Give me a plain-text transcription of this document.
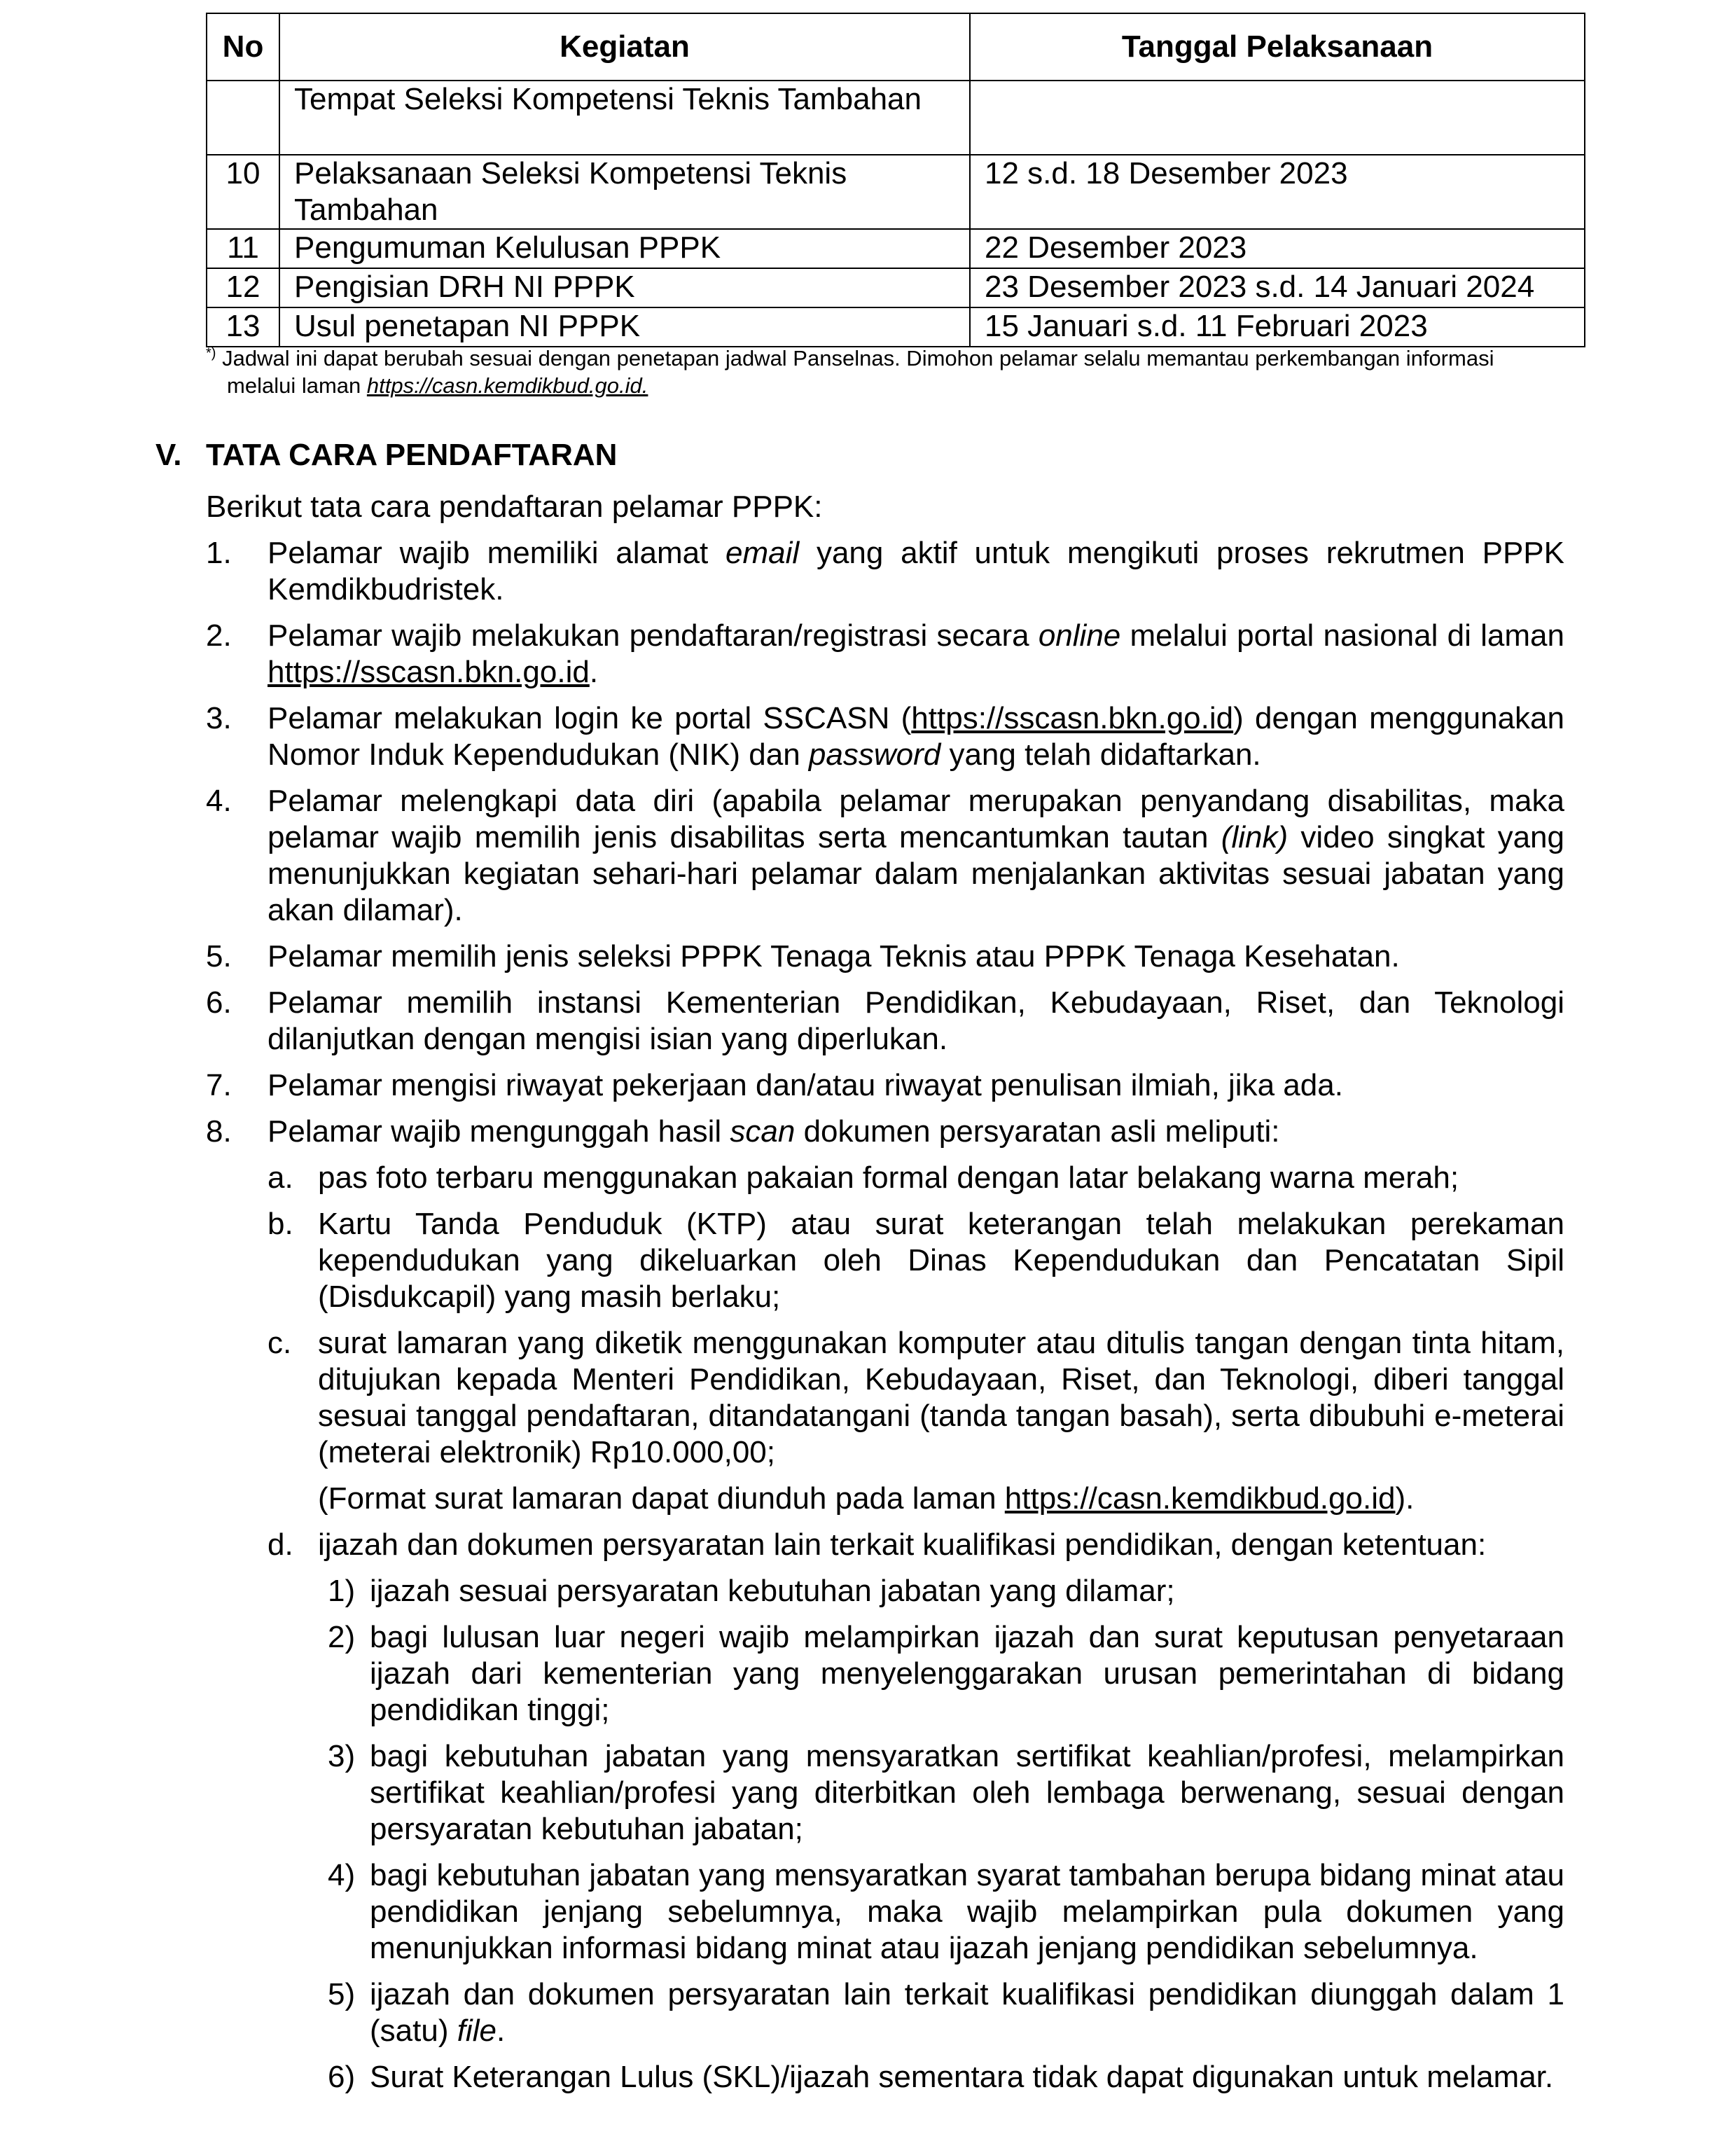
No	Kegiatan	Tanggal Pelaksanaan
	Tempat Seleksi Kompetensi Teknis Tambahan	
10	Pelaksanaan Seleksi Kompetensi Teknis Tambahan	12 s.d. 18 Desember 2023
11	Pengumuman Kelulusan PPPK	22 Desember 2023
12	Pengisian DRH NI PPPK	23 Desember 2023 s.d. 14 Januari 2024
13	Usul penetapan NI PPPK	15 Januari s.d. 11 Februari 2023
*) Jadwal ini dapat berubah sesuai dengan penetapan jadwal Panselnas. Dimohon pelamar selalu memantau perkembangan informasi
melalui laman https://casn.kemdikbud.go.id.
V. TATA CARA PENDAFTARAN
Berikut tata cara pendaftaran pelamar PPPK:
1.	Pelamar wajib memiliki alamat email yang aktif untuk mengikuti proses rekrutmen PPPK Kemdikbudristek.
2.	Pelamar wajib melakukan pendaftaran/registrasi secara online melalui portal nasional di laman https://sscasn.bkn.go.id.
3.	Pelamar melakukan login ke portal SSCASN (https://sscasn.bkn.go.id) dengan menggunakan Nomor Induk Kependudukan (NIK) dan password yang telah didaftarkan.
4.	Pelamar melengkapi data diri (apabila pelamar merupakan penyandang disabilitas, maka pelamar wajib memilih jenis disabilitas serta mencantumkan tautan (link) video singkat yang menunjukkan kegiatan sehari-hari pelamar dalam menjalankan aktivitas sesuai jabatan yang akan dilamar).
5.	Pelamar memilih jenis seleksi PPPK Tenaga Teknis atau PPPK Tenaga Kesehatan.
6.	Pelamar memilih instansi Kementerian Pendidikan, Kebudayaan, Riset, dan Teknologi dilanjutkan dengan mengisi isian yang diperlukan.
7.	Pelamar mengisi riwayat pekerjaan dan/atau riwayat penulisan ilmiah, jika ada.
8.	Pelamar wajib mengunggah hasil scan dokumen persyaratan asli meliputi:
a. pas foto terbaru menggunakan pakaian formal dengan latar belakang warna merah;
b. Kartu Tanda Penduduk (KTP) atau surat keterangan telah melakukan perekaman kependudukan yang dikeluarkan oleh Dinas Kependudukan dan Pencatatan Sipil (Disdukcapil) yang masih berlaku;
c. surat lamaran yang diketik menggunakan komputer atau ditulis tangan dengan tinta hitam, ditujukan kepada Menteri Pendidikan, Kebudayaan, Riset, dan Teknologi, diberi tanggal sesuai tanggal pendaftaran, ditandatangani (tanda tangan basah), serta dibubuhi e-meterai (meterai elektronik) Rp10.000,00;
(Format surat lamaran dapat diunduh pada laman https://casn.kemdikbud.go.id).
d. ijazah dan dokumen persyaratan lain terkait kualifikasi pendidikan, dengan ketentuan:
1) ijazah sesuai persyaratan kebutuhan jabatan yang dilamar;
2) bagi lulusan luar negeri wajib melampirkan ijazah dan surat keputusan penyetaraan ijazah dari kementerian yang menyelenggarakan urusan pemerintahan di bidang pendidikan tinggi;
3) bagi kebutuhan jabatan yang mensyaratkan sertifikat keahlian/profesi, melampirkan sertifikat keahlian/profesi yang diterbitkan oleh lembaga berwenang, sesuai dengan persyaratan kebutuhan jabatan;
4) bagi kebutuhan jabatan yang mensyaratkan syarat tambahan berupa bidang minat atau pendidikan jenjang sebelumnya, maka wajib melampirkan pula dokumen yang menunjukkan informasi bidang minat atau ijazah jenjang pendidikan sebelumnya.
5) ijazah dan dokumen persyaratan lain terkait kualifikasi pendidikan diunggah dalam 1 (satu) file.
6) Surat Keterangan Lulus (SKL)/ijazah sementara tidak dapat digunakan untuk melamar.
